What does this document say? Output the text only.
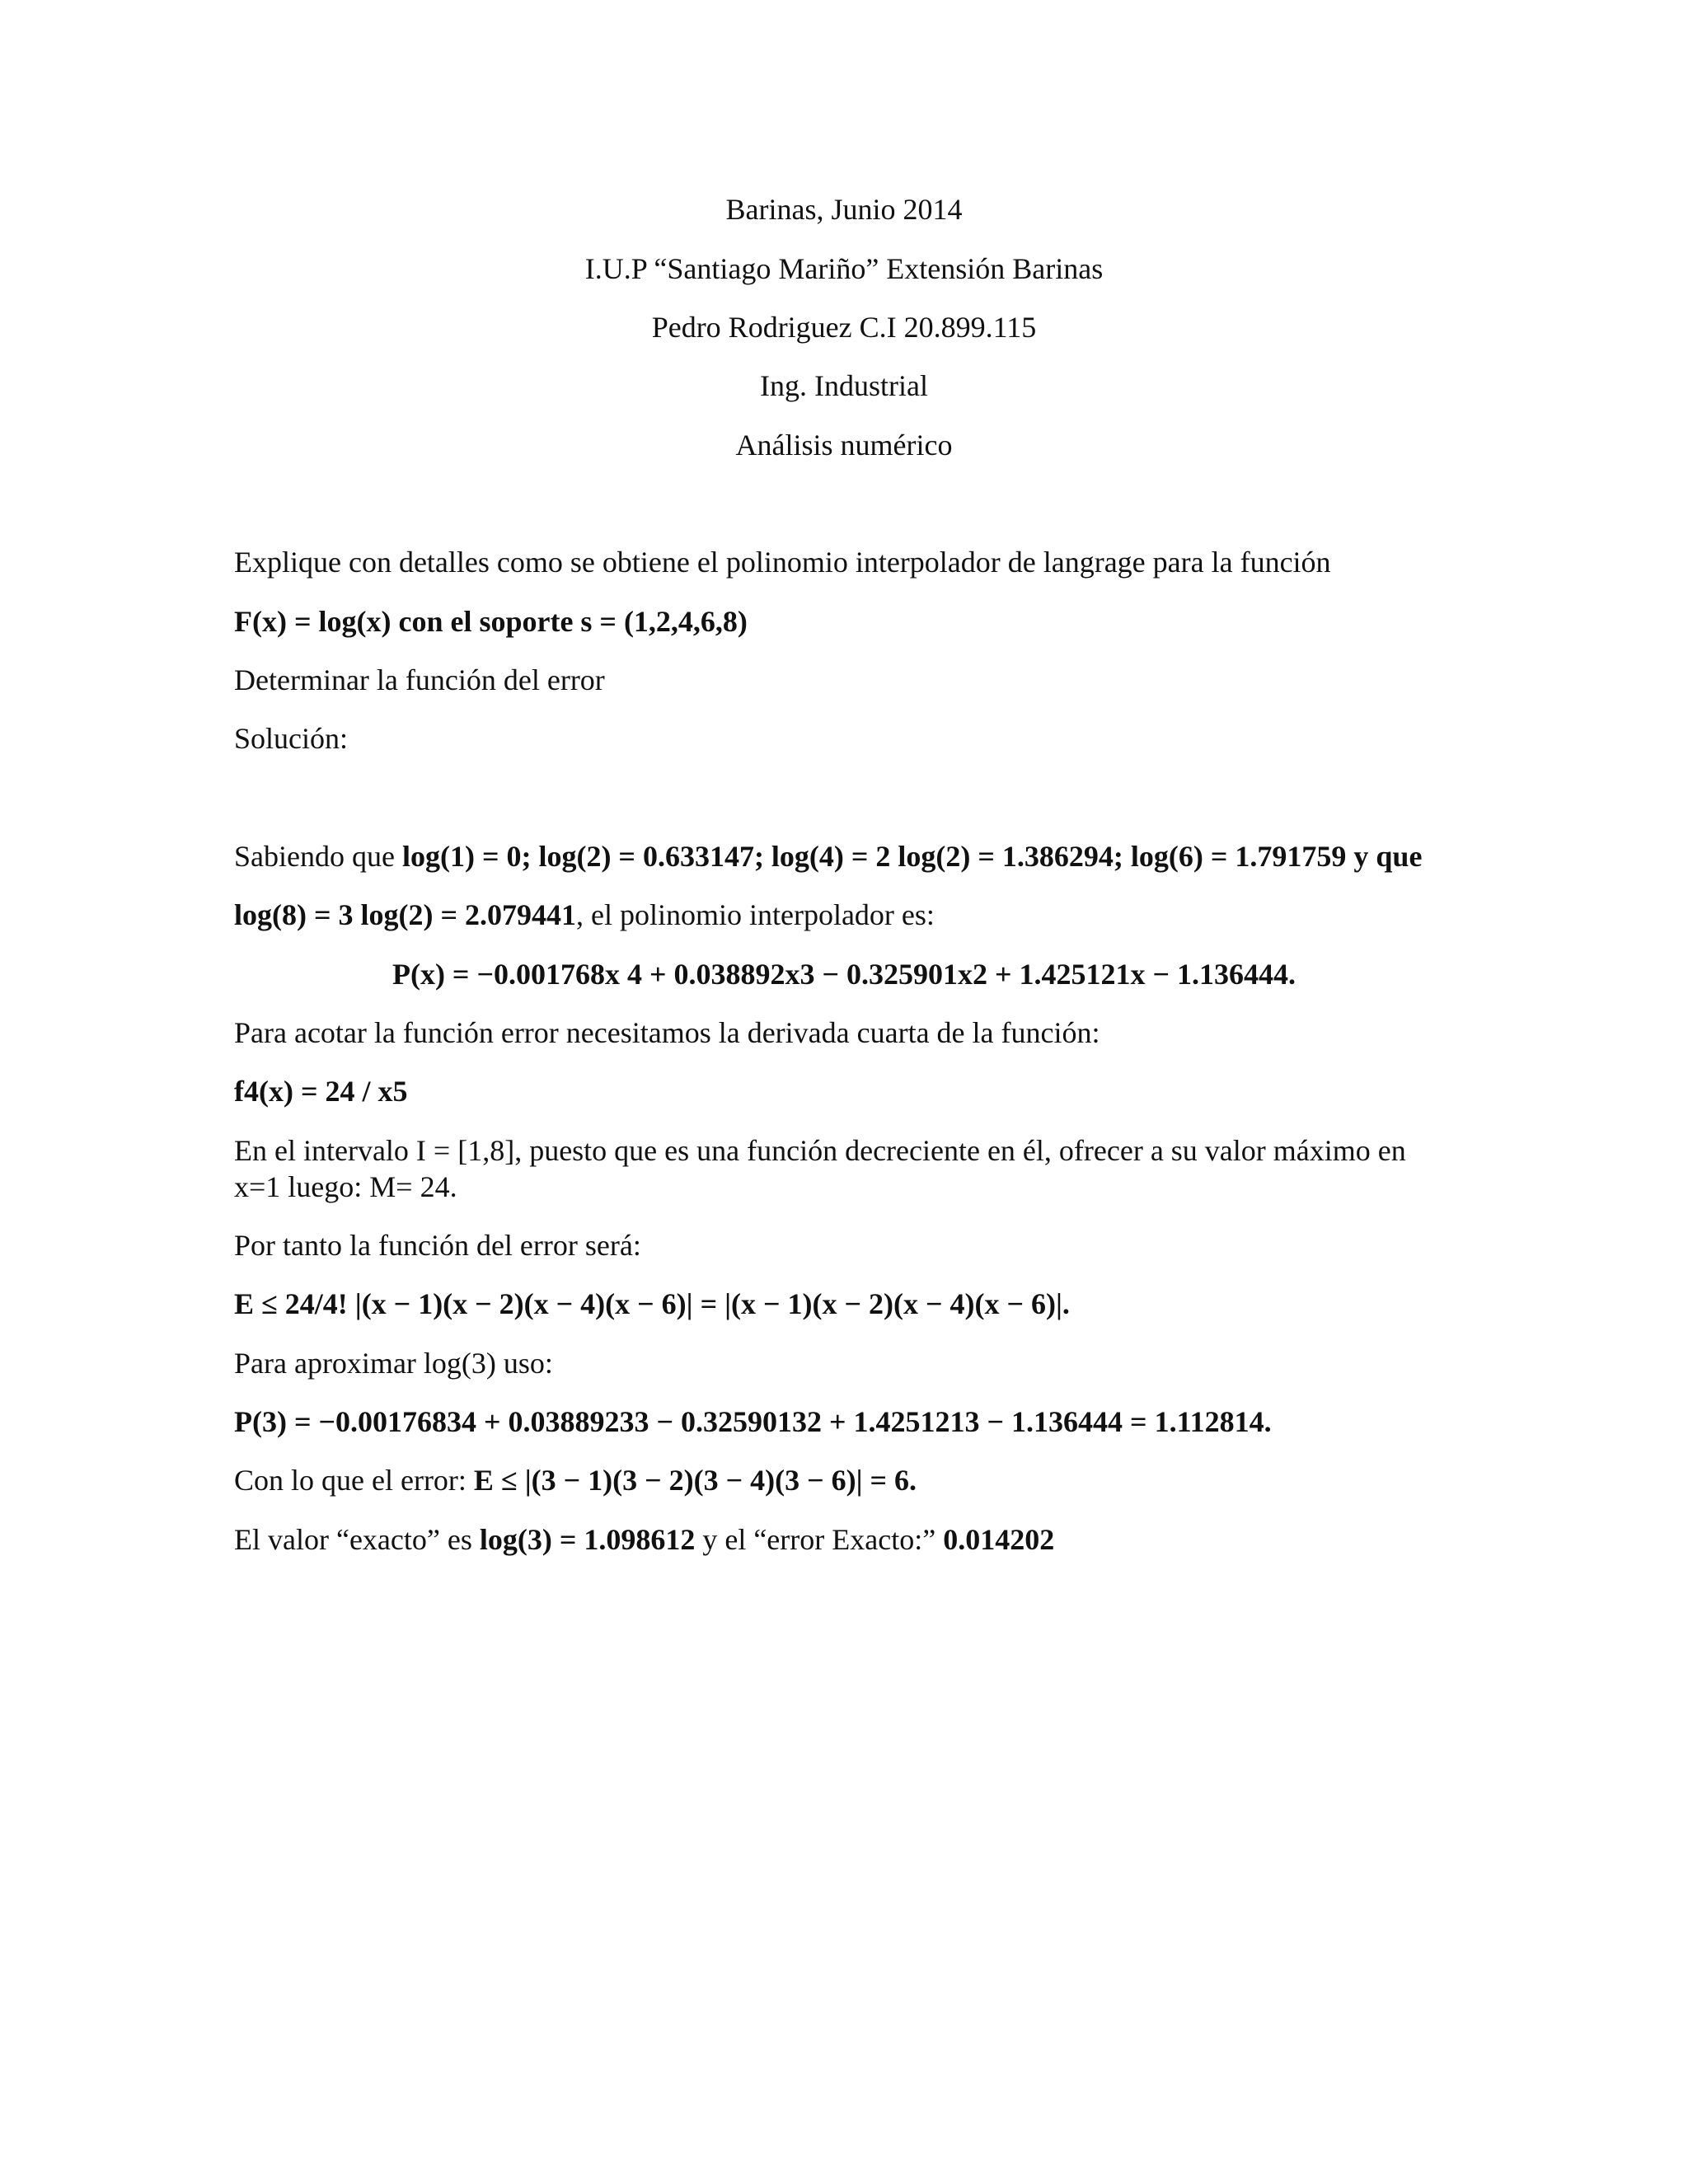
Barinas, Junio 2014
I.U.P “Santiago Mariño” Extensión Barinas
Pedro Rodriguez C.I 20.899.115
Ing. Industrial
Análisis numérico
Explique con detalles como se obtiene el polinomio interpolador de langrage para la función
F(x) = log(x) con el soporte s = (1,2,4,6,8)
Determinar la función del error
Solución:
Sabiendo que log(1) = 0; log(2) = 0.633147; log(4) = 2 log(2) = 1.386294; log(6) = 1.791759 y que
log(8) = 3 log(2) = 2.079441, el polinomio interpolador es:
P(x) = −0.001768x 4 + 0.038892x3 − 0.325901x2 + 1.425121x − 1.136444.
Para acotar la función error necesitamos la derivada cuarta de la función:
f4(x) = 24 / x5
En el intervalo I = [1,8], puesto que es una función decreciente en él, ofrecer a su valor máximo en x=1 luego: M= 24.
Por tanto la función del error será:
E ≤ 24/4! |(x − 1)(x − 2)(x − 4)(x − 6)| = |(x − 1)(x − 2)(x − 4)(x − 6)|.
Para aproximar log(3) uso:
P(3) = −0.00176834 + 0.03889233 − 0.32590132 + 1.4251213 − 1.136444 = 1.112814.
Con lo que el error: E ≤ |(3 − 1)(3 − 2)(3 − 4)(3 − 6)| = 6.
El valor “exacto” es log(3) = 1.098612 y el “error Exacto:” 0.014202
